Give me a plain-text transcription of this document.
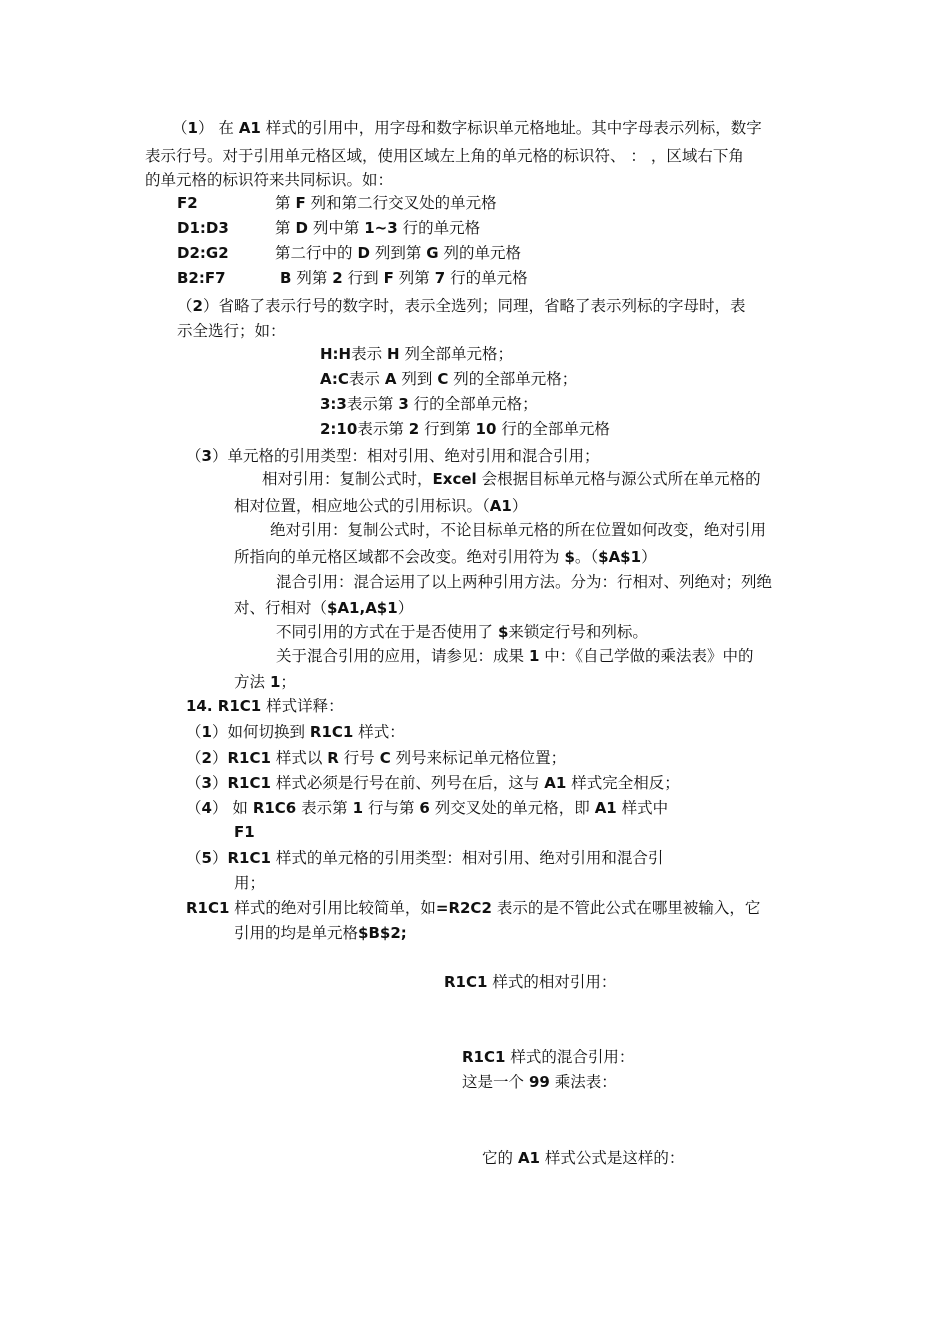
（1） 在 A1 样式的引用中，用字母和数字标识单元格地址。其中字母表示列标，数字
表示行号。对于引用单元格区域，使用区域左上角的单元格的标识符、 ： ，区域右下角
的单元格的标识符来共同标识。如：
F2	第 F 列和第二行交叉处的单元格
D1:D3	第 D 列中第 1~3 行的单元格
D2:G2	第二行中的 D 列到第 G 列的单元格
B2:F7	B 列第 2 行到 F 列第 7 行的单元格
（2）省略了表示行号的数字时，表示全选列；同理，省略了表示列标的字母时，表
示全选行；如：
H:H表示 H 列全部单元格；
A:C表示 A 列到 C 列的全部单元格；
3:3表示第 3 行的全部单元格；
2:10表示第 2 行到第 10 行的全部单元格
（3）单元格的引用类型：相对引用、绝对引用和混合引用；
相对引用：复制公式时，Excel 会根据目标单元格与源公式所在单元格的
相对位置，相应地公式的引用标识。（A1）
绝对引用：复制公式时，不论目标单元格的所在位置如何改变，绝对引用
所指向的单元格区域都不会改变。绝对引用符为 $。（$A$1）
混合引用：混合运用了以上两种引用方法。分为：行相对、列绝对；列绝
对、行相对（$A1,A$1）
不同引用的方式在于是否使用了 $来锁定行号和列标。
关于混合引用的应用，请参见：成果 1 中：《自己学做的乘法表》中的
方法 1；
14. R1C1 样式详释：
（1）如何切换到 R1C1 样式：
（2）R1C1 样式以 R 行号 C 列号来标记单元格位置；
（3）R1C1 样式必须是行号在前、列号在后，这与 A1 样式完全相反；
（4） 如 R1C6 表示第 1 行与第 6 列交叉处的单元格，即 A1 样式中
F1
（5）R1C1 样式的单元格的引用类型：相对引用、绝对引用和混合引
用；
R1C1 样式的绝对引用比较简单，如=R2C2 表示的是不管此公式在哪里被输入，它
引用的均是单元格$B$2;
R1C1 样式的相对引用：
R1C1 样式的混合引用：
这是一个 99 乘法表：
它的 A1 样式公式是这样的：
